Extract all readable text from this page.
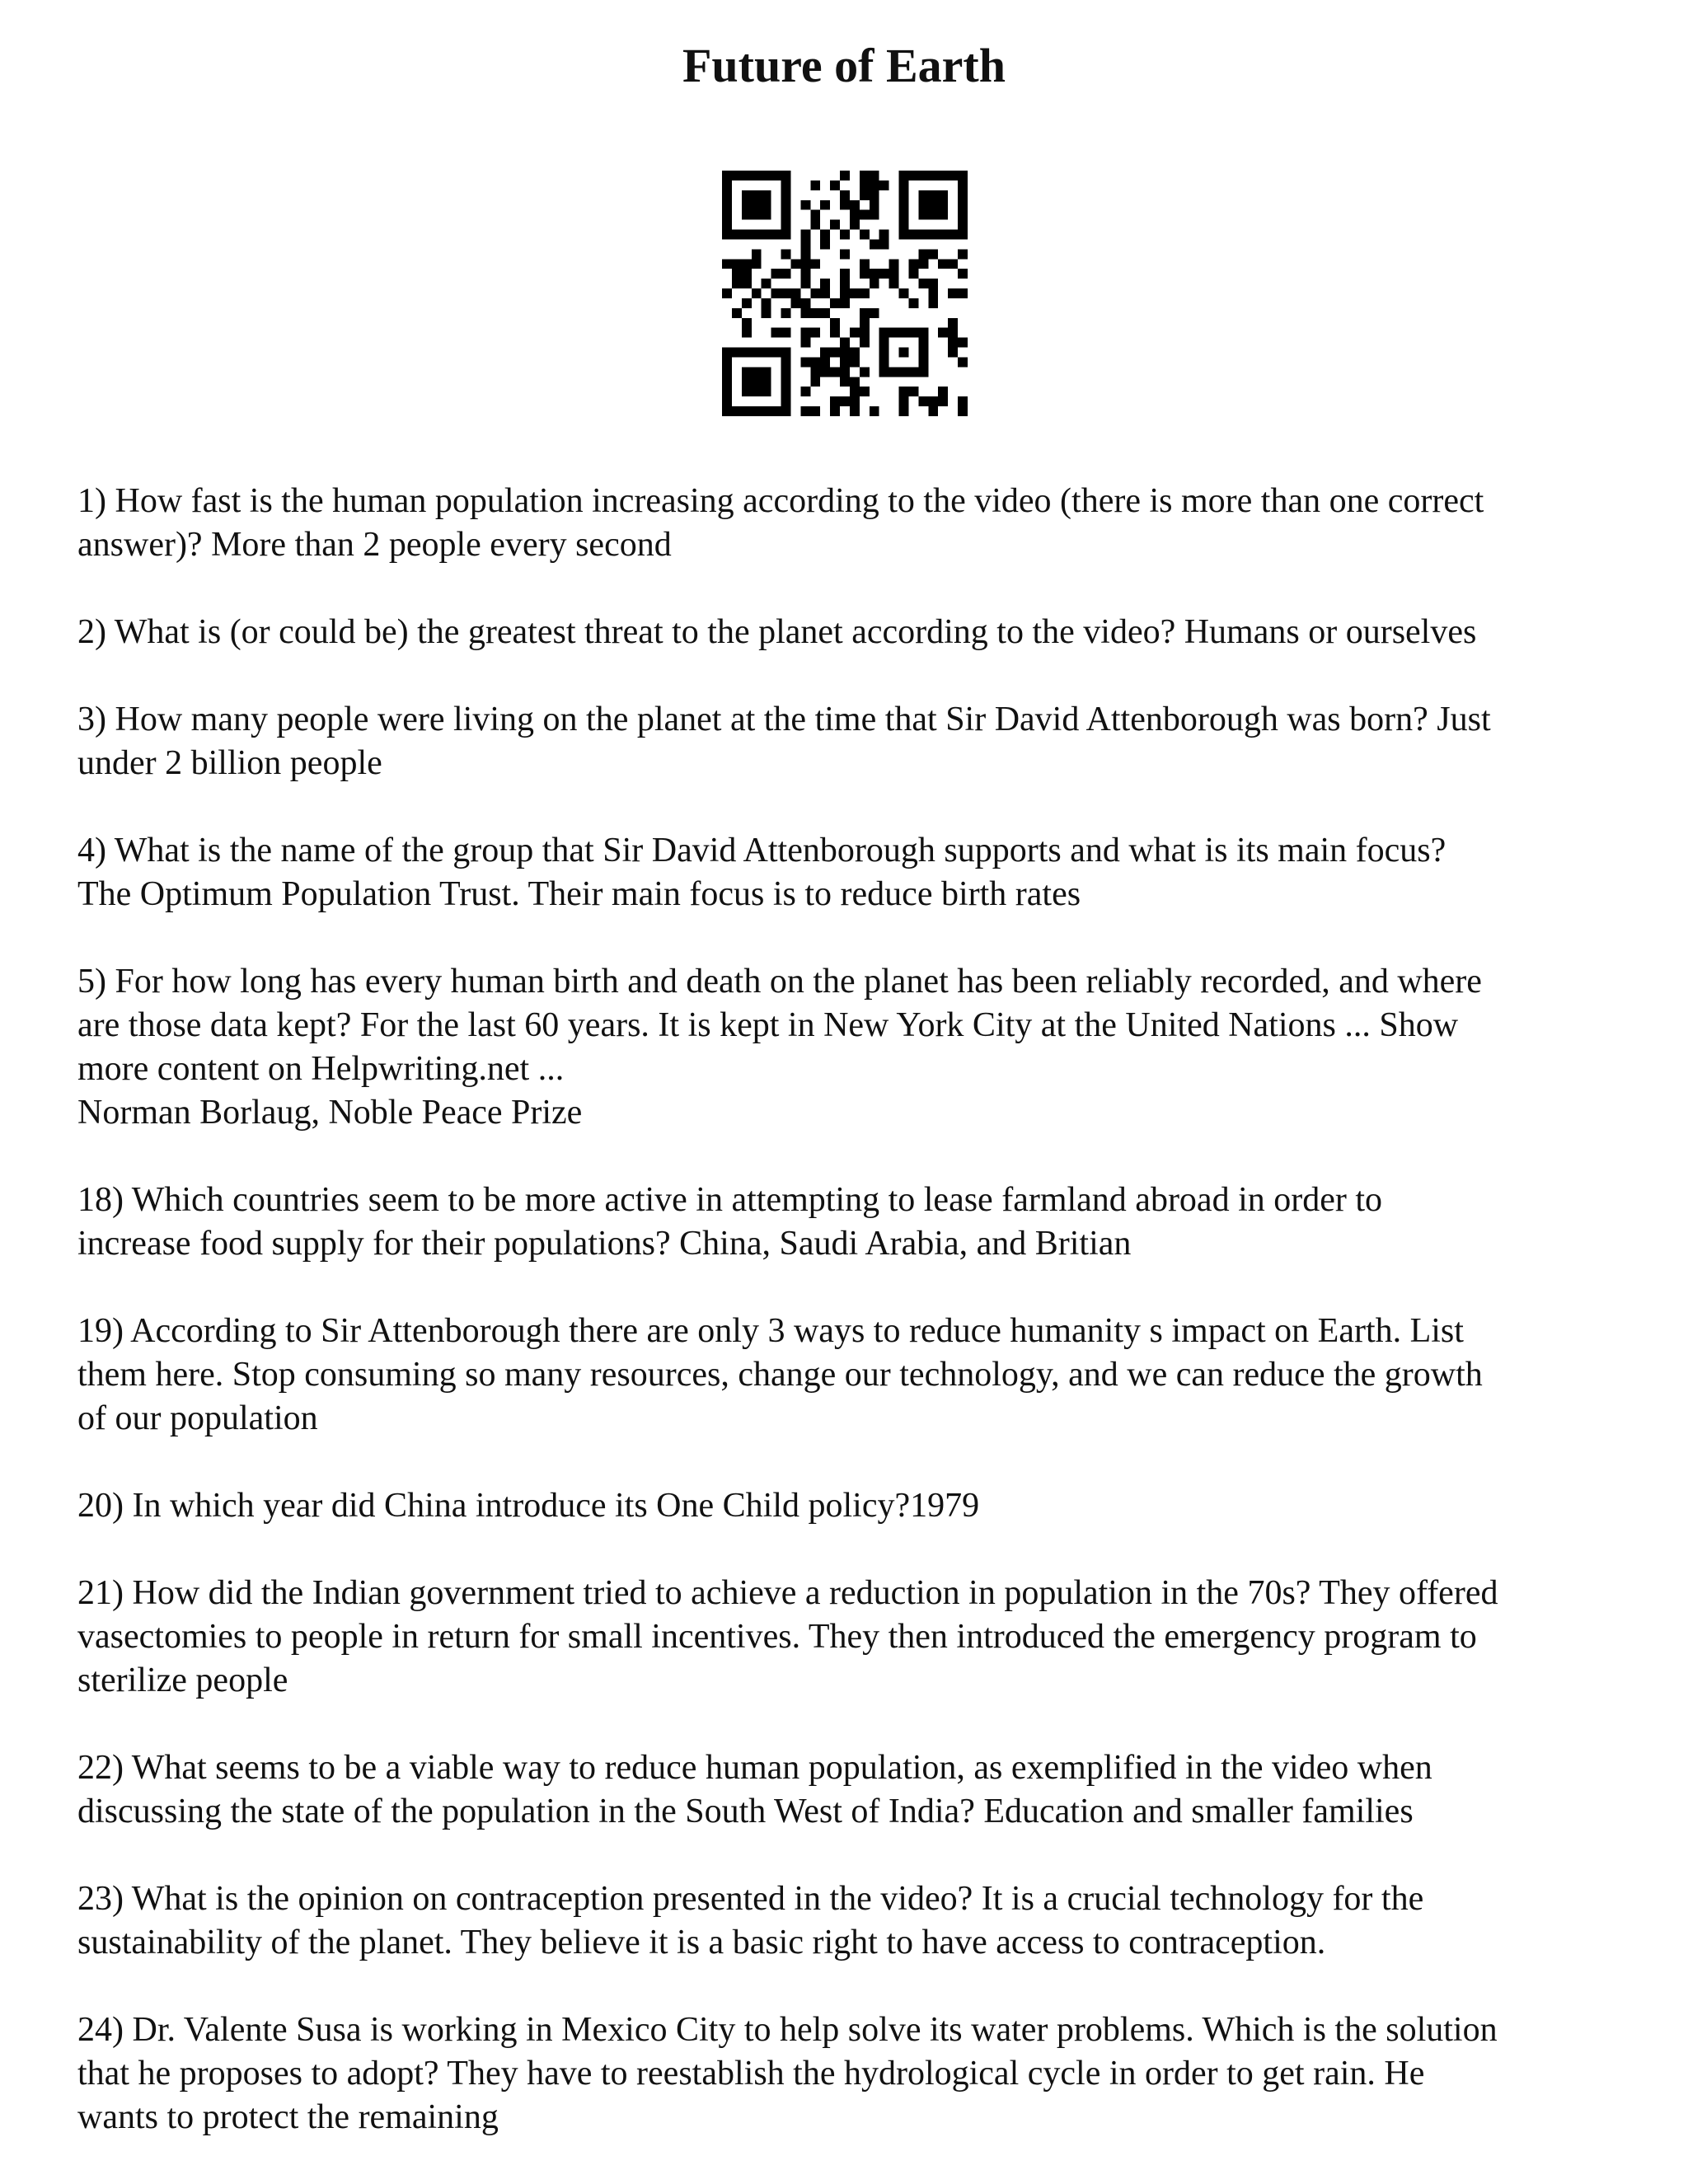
Future of Earth

1) How fast is the human population increasing according to the video (there is more than one correct
answer)? More than 2 people every second

2) What is (or could be) the greatest threat to the planet according to the video? Humans or ourselves

3) How many people were living on the planet at the time that Sir David Attenborough was born? Just
under 2 billion people

4) What is the name of the group that Sir David Attenborough supports and what is its main focus?
The Optimum Population Trust. Their main focus is to reduce birth rates

5) For how long has every human birth and death on the planet has been reliably recorded, and where
are those data kept? For the last 60 years. It is kept in New York City at the United Nations ... Show
more content on Helpwriting.net ...
Norman Borlaug, Noble Peace Prize

18) Which countries seem to be more active in attempting to lease farmland abroad in order to
increase food supply for their populations? China, Saudi Arabia, and Britian

19) According to Sir Attenborough there are only 3 ways to reduce humanity s impact on Earth. List
them here. Stop consuming so many resources, change our technology, and we can reduce the growth
of our population

20) In which year did China introduce its One Child policy?1979

21) How did the Indian government tried to achieve a reduction in population in the 70s? They offered
vasectomies to people in return for small incentives. They then introduced the emergency program to
sterilize people

22) What seems to be a viable way to reduce human population, as exemplified in the video when
discussing the state of the population in the South West of India? Education and smaller families

23) What is the opinion on contraception presented in the video? It is a crucial technology for the
sustainability of the planet. They believe it is a basic right to have access to contraception.

24) Dr. Valente Susa is working in Mexico City to help solve its water problems. Which is the solution
that he proposes to adopt? They have to reestablish the hydrological cycle in order to get rain. He
wants to protect the remaining
